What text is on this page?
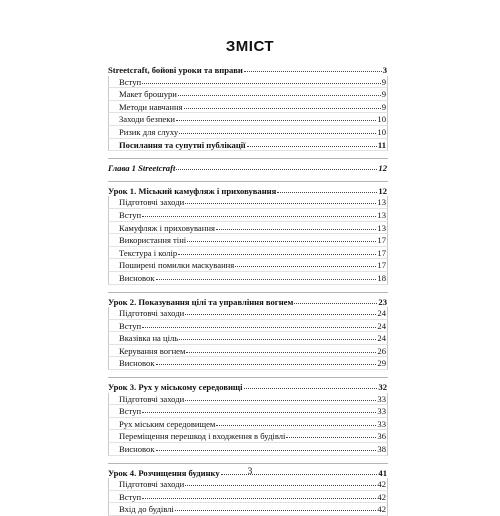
ЗМІСТ
Streetcraft, бойові уроки та вправи	3
Вступ	9
Макет брошури	9
Методи навчання	9
Заходи безпеки	10
Ризик для слуху	10
Посилання та супутні публікації	11
Глава 1 Streetcraft	12
Урок 1. Міський камуфляж і приховування	12
Підготовчі заходи	13
Вступ	13
Камуфляж і приховування	13
Використання тіні	17
Текстура і колір	17
Поширені помилки маскування	17
Висновок	18
Урок 2. Показування цілі та управління вогнем	23
Підготовчі заходи	24
Вступ	24
Вказівка на ціль	24
Керування вогнем	26
Висновок	29
Урок 3. Рух у міському середовищі	32
Підготовчі заходи	33
Вступ	33
Рух міським середовищем	33
Переміщення перешкод і входження в будівлі	36
Висновок	38
Урок 4. Розчищення будинку	41
Підготовчі заходи	42
Вступ	42
Вхід до будівлі	42
3
